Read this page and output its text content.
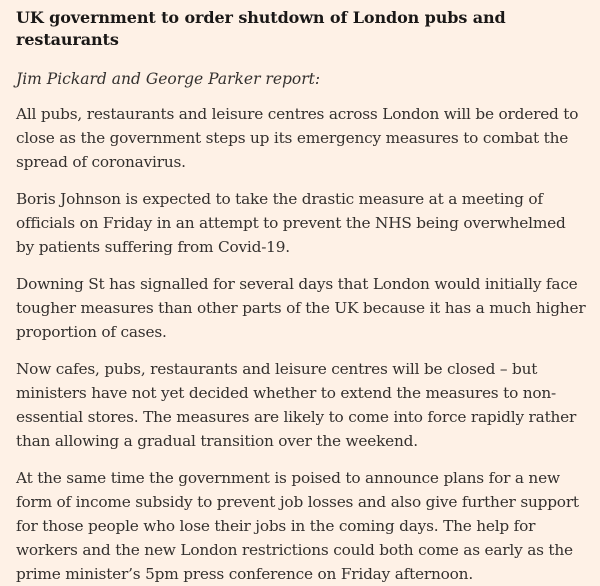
UK government to order shutdown of London pubs and restaurants

Jim Pickard and George Parker report:

All pubs, restaurants and leisure centres across London will be ordered to close as the government steps up its emergency measures to combat the spread of coronavirus.

Boris Johnson is expected to take the drastic measure at a meeting of officials on Friday in an attempt to prevent the NHS being overwhelmed by patients suffering from Covid-19.

Downing St has signalled for several days that London would initially face tougher measures than other parts of the UK because it has a much higher proportion of cases.

Now cafes, pubs, restaurants and leisure centres will be closed – but ministers have not yet decided whether to extend the measures to non-essential stores. The measures are likely to come into force rapidly rather than allowing a gradual transition over the weekend.

At the same time the government is poised to announce plans for a new form of income subsidy to prevent job losses and also give further support for those people who lose their jobs in the coming days. The help for workers and the new London restrictions could both come as early as the prime minister’s 5pm press conference on Friday afternoon.
